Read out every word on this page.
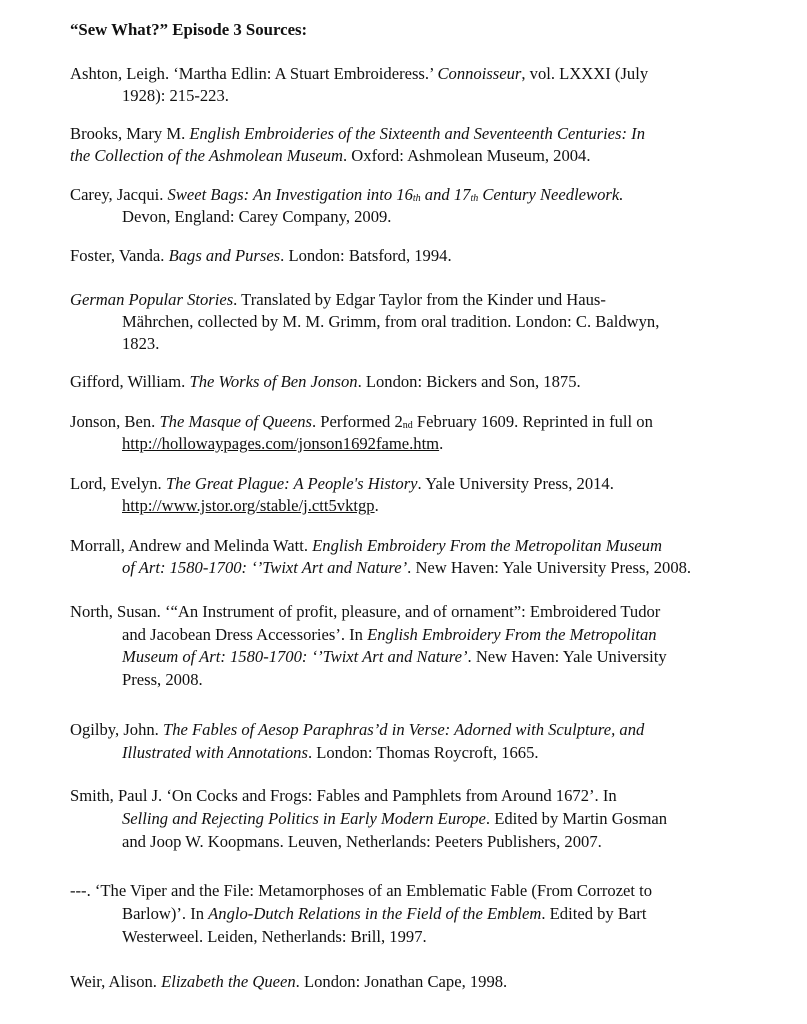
“Sew What?” Episode 3 Sources:
Ashton, Leigh. ‘Martha Edlin: A Stuart Embroideress.’ Connoisseur, vol. LXXXI (July
1928): 215-223.
Brooks, Mary M. English Embroideries of the Sixteenth and Seventeenth Centuries: In
the Collection of the Ashmolean Museum. Oxford: Ashmolean Museum, 2004.
Carey, Jacqui. Sweet Bags: An Investigation into $16_{th}$ and $17_{th}$ Century Needlework.
Devon, England: Carey Company, 2009.
Foster, Vanda. Bags and Purses. London: Batsford, 1994.
German Popular Stories. Translated by Edgar Taylor from the Kinder und Haus-
Mährchen, collected by M. M. Grimm, from oral tradition. London: C. Baldwyn,
1823.
Gifford, William. The Works of Ben Jonson. London: Bickers and Son, 1875.
Jonson, Ben. The Masque of Queens. Performed $2_{nd}$ February 1609. Reprinted in full on
http://hollowaypages.com/jonson1692fame.htm.
Lord, Evelyn. The Great Plague: A People's History. Yale University Press, 2014.
http://www.jstor.org/stable/j.ctt5vktgp.
Morrall, Andrew and Melinda Watt. English Embroidery From the Metropolitan Museum
of Art: 1580-1700: ‘’Twixt Art and Nature’. New Haven: Yale University Press, 2008.
North, Susan. ‘“An Instrument of profit, pleasure, and of ornament”: Embroidered Tudor
and Jacobean Dress Accessories’. In English Embroidery From the Metropolitan
Museum of Art: 1580-1700: ‘’Twixt Art and Nature’. New Haven: Yale University
Press, 2008.
Ogilby, John. The Fables of Aesop Paraphras’d in Verse: Adorned with Sculpture, and
Illustrated with Annotations. London: Thomas Roycroft, 1665.
Smith, Paul J. ‘On Cocks and Frogs: Fables and Pamphlets from Around 1672’. In
Selling and Rejecting Politics in Early Modern Europe. Edited by Martin Gosman
and Joop W. Koopmans. Leuven, Netherlands: Peeters Publishers, 2007.
---. ‘The Viper and the File: Metamorphoses of an Emblematic Fable (From Corrozet to
Barlow)’. In Anglo-Dutch Relations in the Field of the Emblem. Edited by Bart
Westerweel. Leiden, Netherlands: Brill, 1997.
Weir, Alison. Elizabeth the Queen. London: Jonathan Cape, 1998.
